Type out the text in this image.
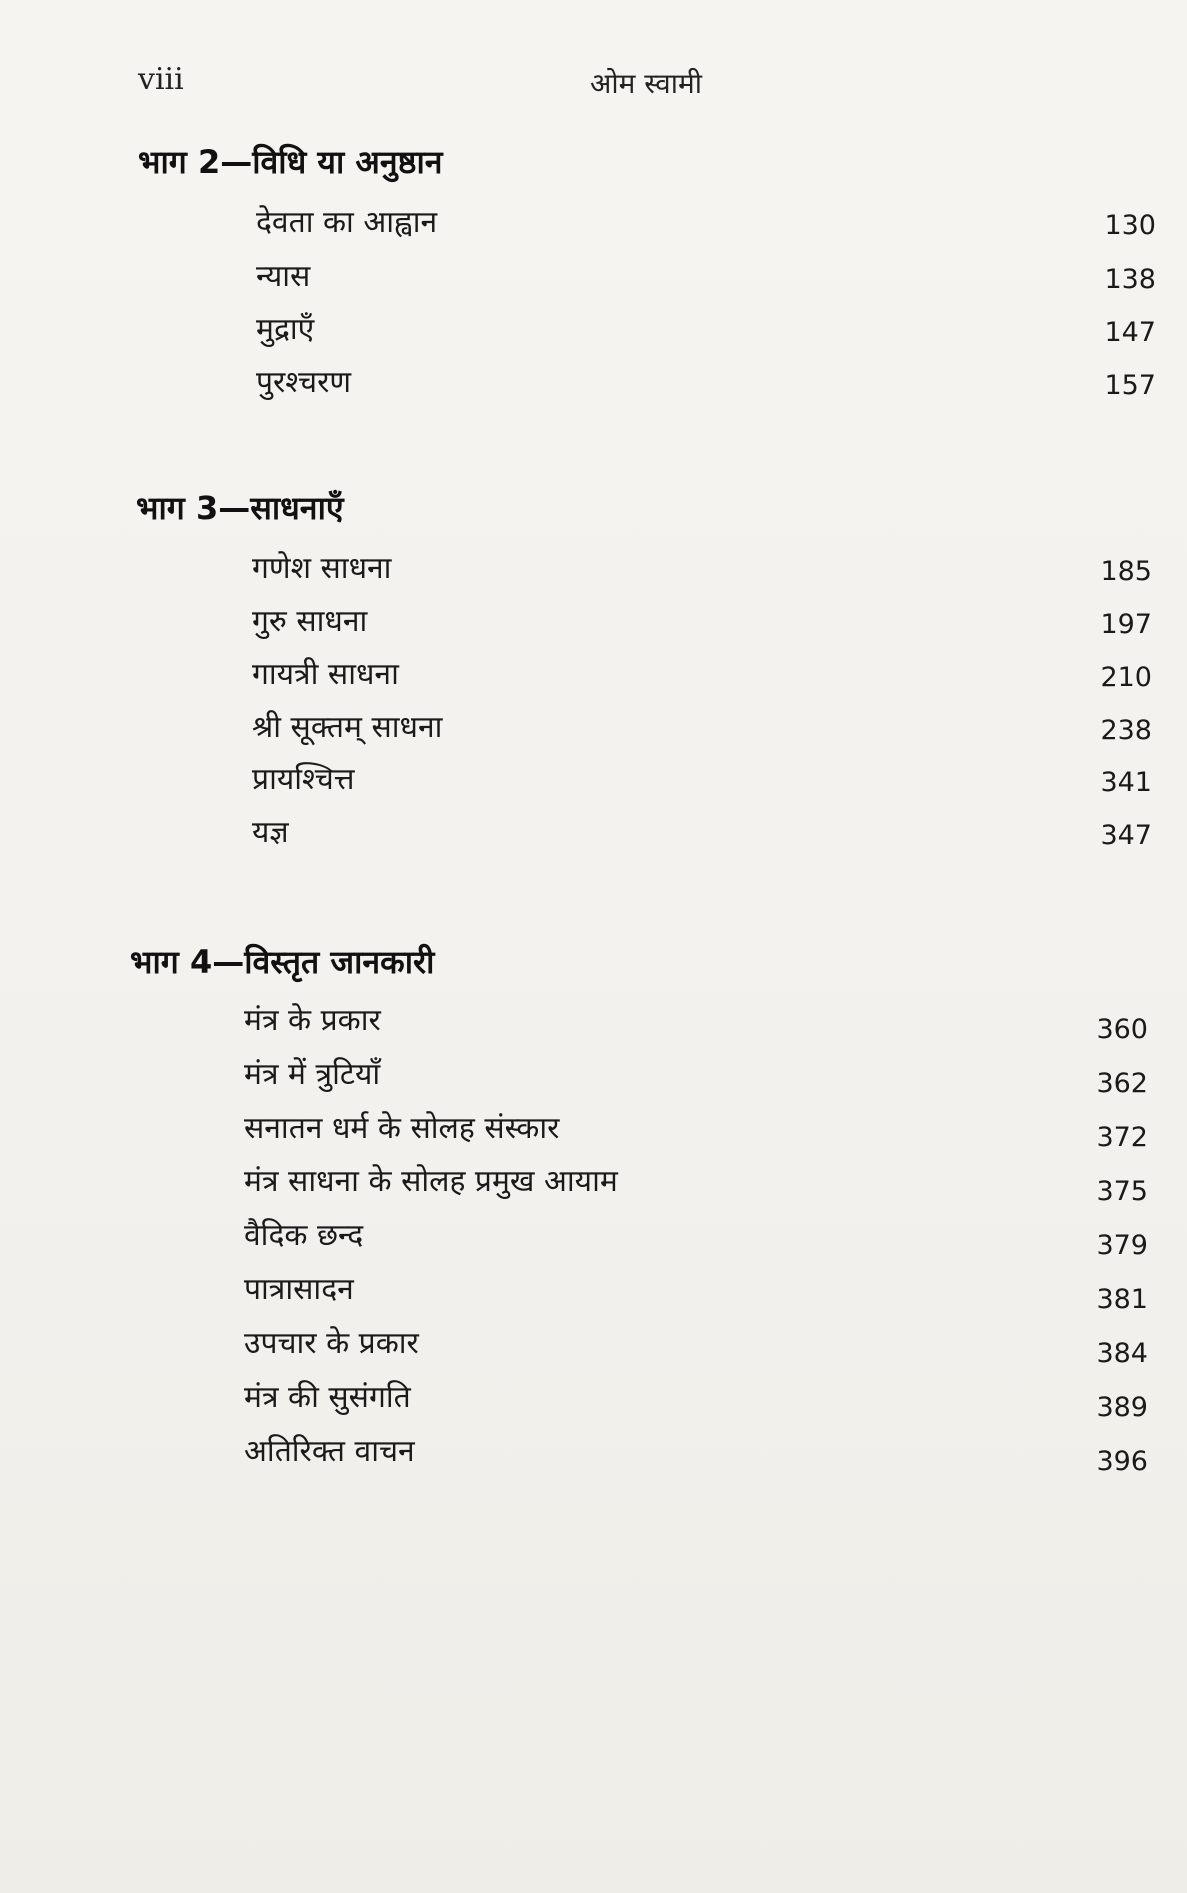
viii	ओम स्वामी
भाग 2—विधि या अनुष्ठान
देवता का आह्वान	130
न्यास	138
मुद्राएँ	147
पुरश्चरण	157
भाग 3—साधनाएँ
गणेश साधना	185
गुरु साधना	197
गायत्री साधना	210
श्री सूक्तम् साधना	238
प्रायश्चित्त	341
यज्ञ	347
भाग 4—विस्तृत जानकारी
मंत्र के प्रकार	360
मंत्र में त्रुटियाँ	362
सनातन धर्म के सोलह संस्कार	372
मंत्र साधना के सोलह प्रमुख आयाम	375
वैदिक छन्द	379
पात्रासादन	381
उपचार के प्रकार	384
मंत्र की सुसंगति	389
अतिरिक्त वाचन	396
